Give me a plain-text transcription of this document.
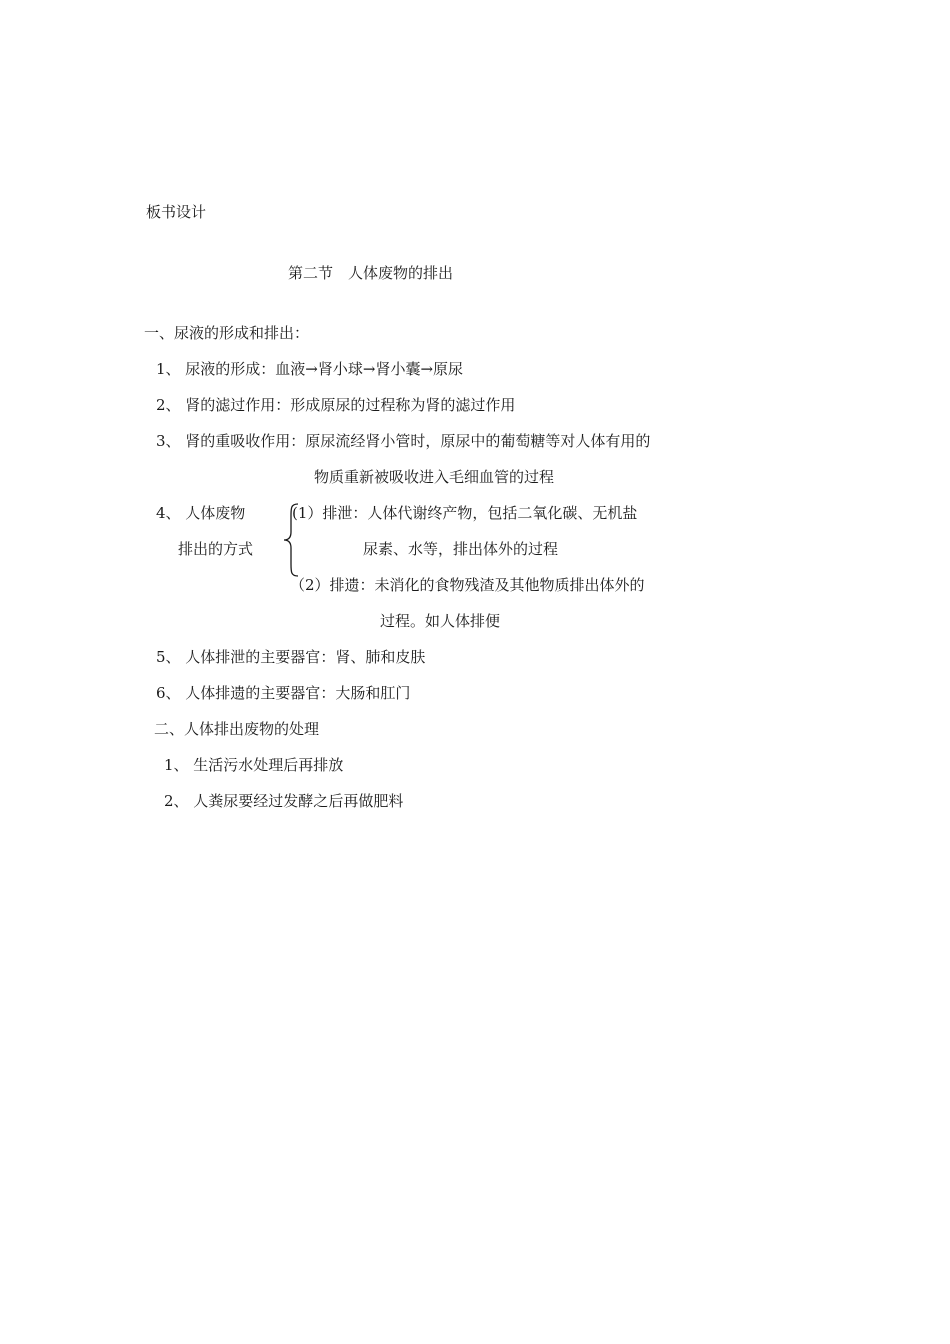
板书设计
第二节　人体废物的排出
一、尿液的形成和排出：
1、 尿液的形成：血液→肾小球→肾小囊→原尿
2、 肾的滤过作用：形成原尿的过程称为肾的滤过作用
3、 肾的重吸收作用：原尿流经肾小管时，原尿中的葡萄糖等对人体有用的
物质重新被吸收进入毛细血管的过程
4、 人体废物
排出的方式
(1）排泄：人体代谢终产物，包括二氧化碳、无机盐
尿素、水等，排出体外的过程
（2）排遗：未消化的食物残渣及其他物质排出体外的
过程。如人体排便
5、 人体排泄的主要器官：肾、肺和皮肤
6、 人体排遗的主要器官：大肠和肛门
二、人体排出废物的处理
1、 生活污水处理后再排放
2、 人粪尿要经过发酵之后再做肥料
